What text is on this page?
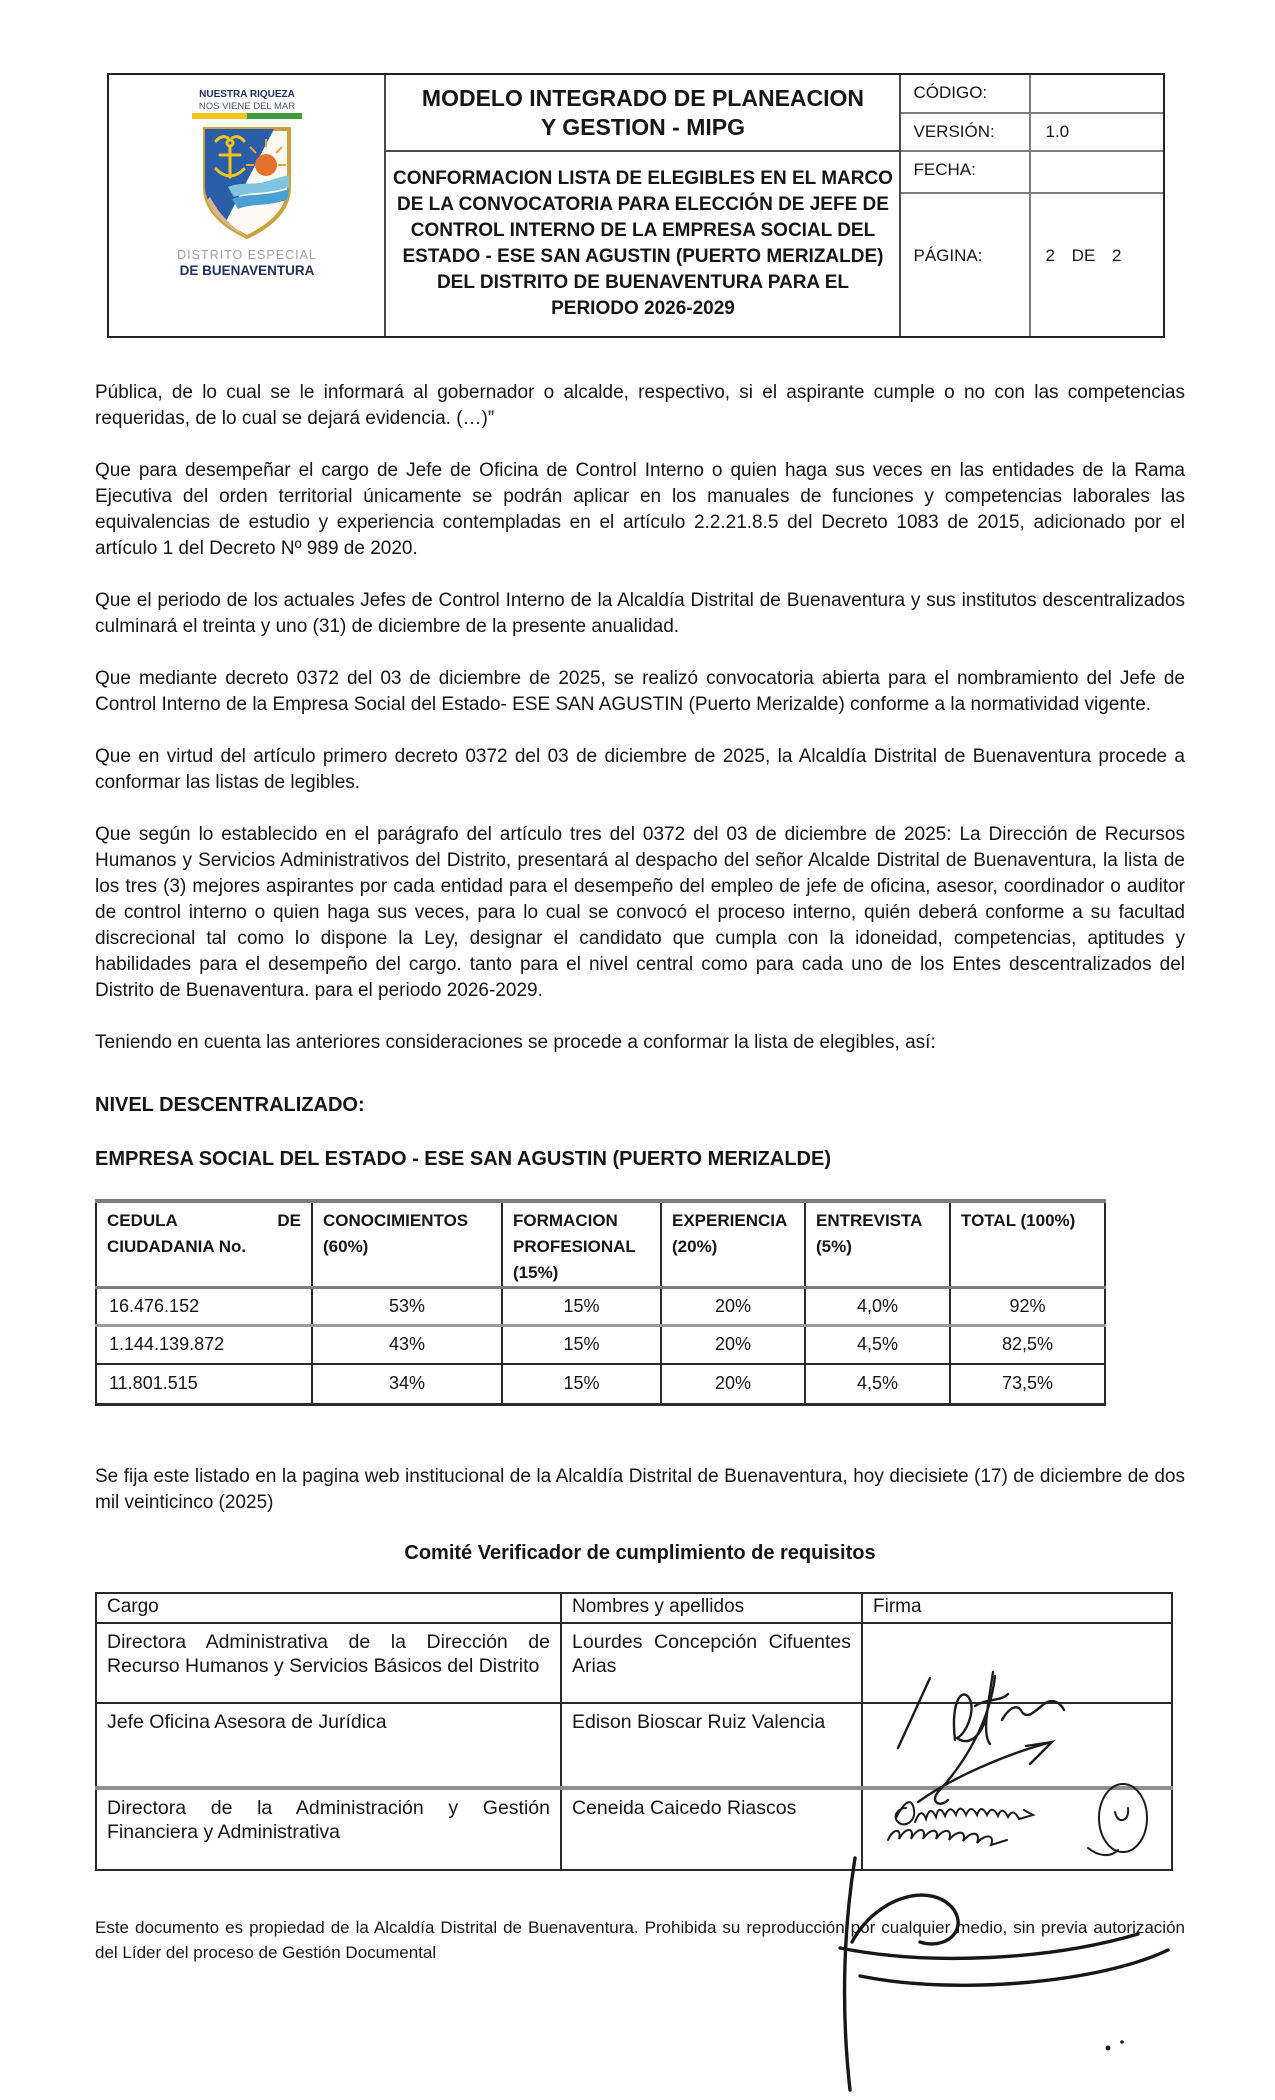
NUESTRA RIQUEZA
NOS VIENE DEL MAR
DISTRITO ESPECIAL
DE BUENAVENTURA
MODELO INTEGRADO DE PLANEACION
Y GESTION - MIPG
CONFORMACION LISTA DE ELEGIBLES EN EL MARCO DE LA CONVOCATORIA PARA ELECCIÓN DE JEFE DE CONTROL INTERNO DE LA EMPRESA SOCIAL DEL ESTADO - ESE SAN AGUSTIN (PUERTO MERIZALDE) DEL DISTRITO DE BUENAVENTURA PARA EL PERIODO 2026-2029
CÓDIGO:
VERSIÓN:	1.0
FECHA:
PÁGINA:	2 DE 2

Pública, de lo cual se le informará al gobernador o alcalde, respectivo, si el aspirante cumple o no con las competencias requeridas, de lo cual se dejará evidencia. (…)”

Que para desempeñar el cargo de Jefe de Oficina de Control Interno o quien haga sus veces en las entidades de la Rama Ejecutiva del orden territorial únicamente se podrán aplicar en los manuales de funciones y competencias laborales las equivalencias de estudio y experiencia contempladas en el artículo 2.2.21.8.5 del Decreto 1083 de 2015, adicionado por el artículo 1 del Decreto Nº 989 de 2020.

Que el periodo de los actuales Jefes de Control Interno de la Alcaldía Distrital de Buenaventura y sus institutos descentralizados culminará el treinta y uno (31) de diciembre de la presente anualidad.

Que mediante decreto 0372 del 03 de diciembre de 2025, se realizó convocatoria abierta para el nombramiento del Jefe de Control Interno de la Empresa Social del Estado- ESE SAN AGUSTIN (Puerto Merizalde) conforme a la normatividad vigente.

Que en virtud del artículo primero decreto 0372 del 03 de diciembre de 2025, la Alcaldía Distrital de Buenaventura procede a conformar las listas de legibles.

Que según lo establecido en el parágrafo del artículo tres del 0372 del 03 de diciembre de 2025: La Dirección de Recursos Humanos y Servicios Administrativos del Distrito, presentará al despacho del señor Alcalde Distrital de Buenaventura, la lista de los tres (3) mejores aspirantes por cada entidad para el desempeño del empleo de jefe de oficina, asesor, coordinador o auditor de control interno o quien haga sus veces, para lo cual se convocó el proceso interno, quién deberá conforme a su facultad discrecional tal como lo dispone la Ley, designar el candidato que cumpla con la idoneidad, competencias, aptitudes y habilidades para el desempeño del cargo. tanto para el nivel central como para cada uno de los Entes descentralizados del Distrito de Buenaventura. para el periodo 2026-2029.

Teniendo en cuenta las anteriores consideraciones se procede a conformar la lista de elegibles, así:

NIVEL DESCENTRALIZADO:
EMPRESA SOCIAL DEL ESTADO - ESE SAN AGUSTIN (PUERTO MERIZALDE)
CEDULA DE CIUDADANIA No.	CONOCIMIENTOS (60%)	FORMACION PROFESIONAL (15%)	EXPERIENCIA (20%)	ENTREVISTA (5%)	TOTAL (100%)
16.476.152	53%	15%	20%	4,0%	92%
1.144.139.872	43%	15%	20%	4,5%	82,5%
11.801.515	34%	15%	20%	4,5%	73,5%

Se fija este listado en la pagina web institucional de la Alcaldía Distrital de Buenaventura, hoy diecisiete (17) de diciembre de dos mil veinticinco (2025)

Comité Verificador de cumplimiento de requisitos
Cargo	Nombres y apellidos	Firma
Directora Administrativa de la Dirección de Recurso Humanos y Servicios Básicos del Distrito	Lourdes Concepción Cifuentes Arias	
Jefe Oficina Asesora de Jurídica	Edison Bioscar Ruiz Valencia	
Directora de la Administración y Gestión Financiera y Administrativa	Ceneida Caicedo Riascos	

Este documento es propiedad de la Alcaldía Distrital de Buenaventura. Prohibida su reproducción por cualquier medio, sin previa autorización del Líder del proceso de Gestión Documental
